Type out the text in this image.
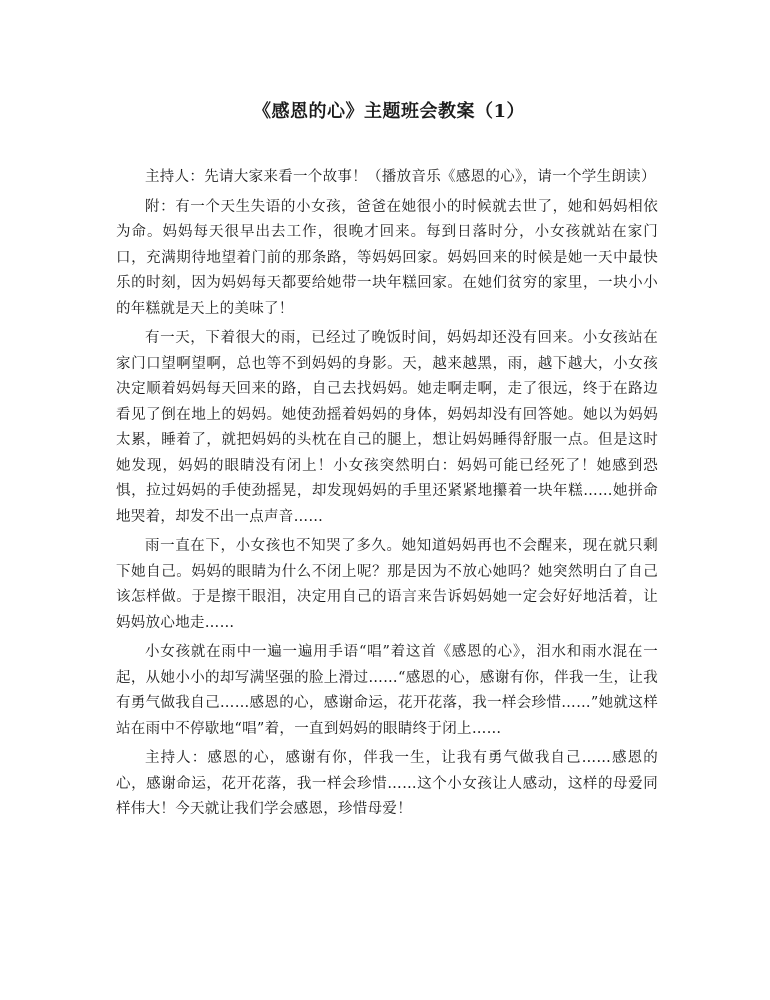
《感恩的心》主题班会教案（1）

主持人：先请大家来看一个故事！（播放音乐《感恩的心》，请一个学生朗读）

附：有一个天生失语的小女孩，爸爸在她很小的时候就去世了，她和妈妈相依为命。妈妈每天很早出去工作，很晚才回来。每到日落时分，小女孩就站在家门口，充满期待地望着门前的那条路，等妈妈回家。妈妈回来的时候是她一天中最快乐的时刻，因为妈妈每天都要给她带一块年糕回家。在她们贫穷的家里，一块小小的年糕就是天上的美味了！

有一天，下着很大的雨，已经过了晚饭时间，妈妈却还没有回来。小女孩站在家门口望啊望啊，总也等不到妈妈的身影。天，越来越黑，雨，越下越大，小女孩决定顺着妈妈每天回来的路，自己去找妈妈。她走啊走啊，走了很远，终于在路边看见了倒在地上的妈妈。她使劲摇着妈妈的身体，妈妈却没有回答她。她以为妈妈太累，睡着了，就把妈妈的头枕在自己的腿上，想让妈妈睡得舒服一点。但是这时她发现，妈妈的眼睛没有闭上！小女孩突然明白：妈妈可能已经死了！她感到恐惧，拉过妈妈的手使劲摇晃，却发现妈妈的手里还紧紧地攥着一块年糕……她拼命地哭着，却发不出一点声音……

雨一直在下，小女孩也不知哭了多久。她知道妈妈再也不会醒来，现在就只剩下她自己。妈妈的眼睛为什么不闭上呢？那是因为不放心她吗？她突然明白了自己该怎样做。于是擦干眼泪，决定用自己的语言来告诉妈妈她一定会好好地活着，让妈妈放心地走……

小女孩就在雨中一遍一遍用手语“唱”着这首《感恩的心》，泪水和雨水混在一起，从她小小的却写满坚强的脸上滑过……“感恩的心，感谢有你，伴我一生，让我有勇气做我自己……感恩的心，感谢命运，花开花落，我一样会珍惜……”她就这样站在雨中不停歇地“唱”着，一直到妈妈的眼睛终于闭上……

主持人：感恩的心，感谢有你，伴我一生，让我有勇气做我自己……感恩的心，感谢命运，花开花落，我一样会珍惜……这个小女孩让人感动，这样的母爱同样伟大！今天就让我们学会感恩，珍惜母爱！
